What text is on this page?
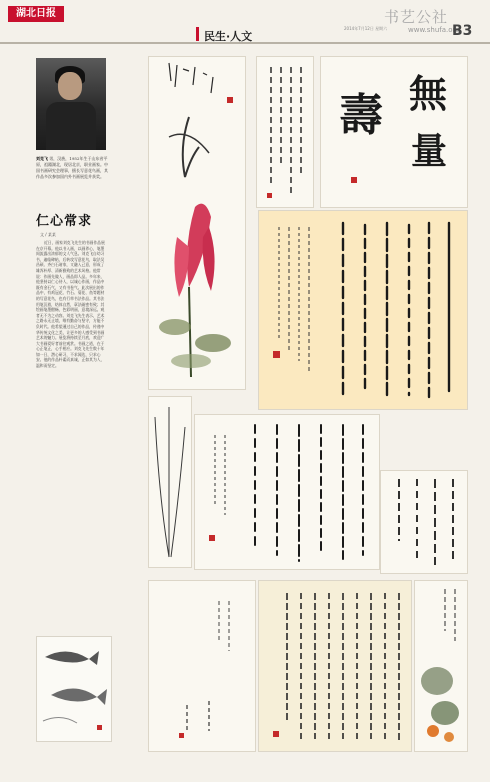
湖北日报
民生·人文
2014年7月12日 星期六
书艺公社
www.shufa.org
B3
刘克飞 男，汉族，1952年生于山东省平原，祖籍湖北，现居北京，职业画家。中国书画研究会理事，擅长写意花鸟画，其作品多次参加国内外书画展览并获奖。
仁心常求
文 / 某某
近日，画家刘克飞先生的书画作品展在京开幕。他以书入画，以画养心，笔墨间流露出浓郁的文人气息。刘克飞自幼习书，遍临碑帖，后转攻写意花鸟，取法吴昌硕、齐白石诸家，又融入己意，形成了雄浑朴厚、清新雅致的艺术风格。他常说：作画先做人，画品即人品。多年来，他坚持以仁心待人，以诚心作画，作品中既有金石气，又有书卷气。此次展出的作品中，有鸡冠花、竹石、菊花、鱼等题材的写意花鸟，也有行草书法作品。其书法用笔沉着，结体自然，章法疏密有致；其绘画笔墨酣畅，色彩明丽，意境深远。观者无不为之动容。刘克飞先生表示，艺术之路永无止境，唯有勤奋与坚守，方能不负时代。他希望通过自己的作品，传递中华传统文化之美，让更多的人感受到书画艺术的魅力。展览将持续至月底，欢迎广大书画爱好者前往观赏。书画之道，在于心正笔正，心手相应。刘克飞先生数十年如一日，潜心研习，不求闻达，只求心安。他的作品朴素而真诚，正如其为人，温和而坚定。
無
量
壽
